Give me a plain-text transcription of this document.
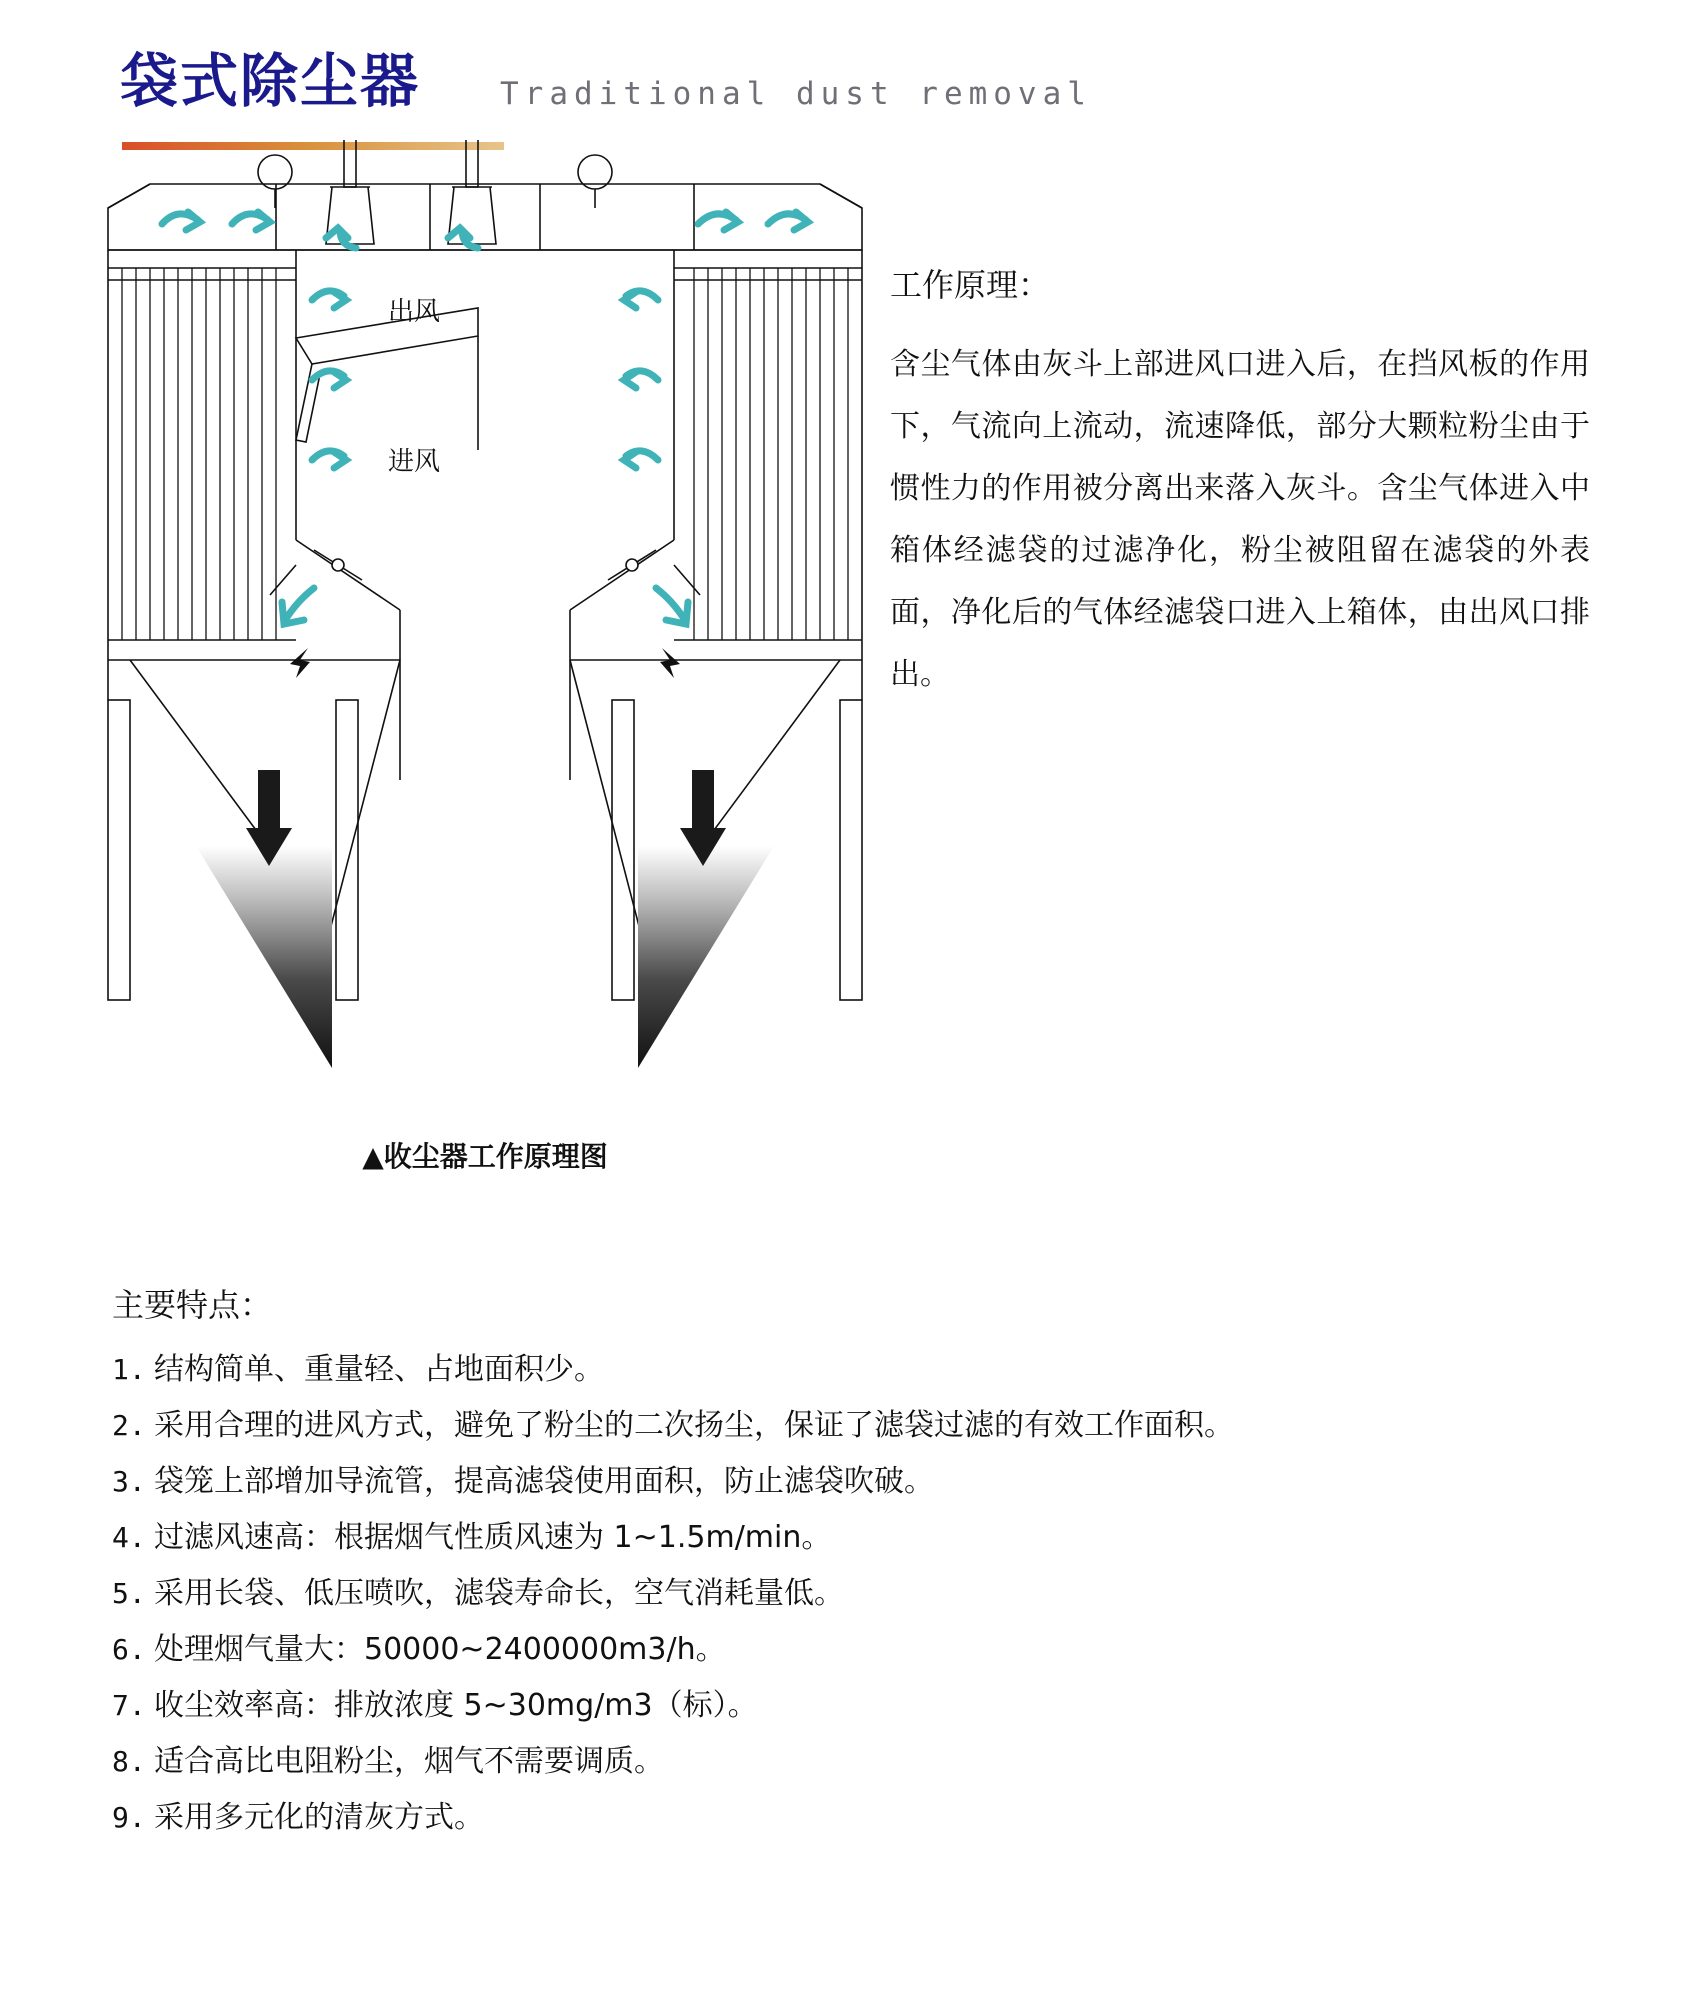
袋式除尘器	Traditional dust removal
出风
进风
▲收尘器工作原理图
工作原理：
含尘气体由灰斗上部进风口进入后，在挡风板的作用下，气流向上流动，流速降低，部分大颗粒粉尘由于惯性力的作用被分离出来落入灰斗。含尘气体进入中箱体经滤袋的过滤净化，粉尘被阻留在滤袋的外表面，净化后的气体经滤袋口进入上箱体，由出风口排出。
主要特点：
1. 结构简单、重量轻、占地面积少。
2. 采用合理的进风方式，避免了粉尘的二次扬尘，保证了滤袋过滤的有效工作面积。
3. 袋笼上部增加导流管，提高滤袋使用面积，防止滤袋吹破。
4. 过滤风速高：根据烟气性质风速为 1~1.5m/min。
5. 采用长袋、低压喷吹，滤袋寿命长，空气消耗量低。
6. 处理烟气量大：50000~2400000m3/h。
7. 收尘效率高：排放浓度 5~30mg/m3（标）。
8. 适合高比电阻粉尘，烟气不需要调质。
9. 采用多元化的清灰方式。
